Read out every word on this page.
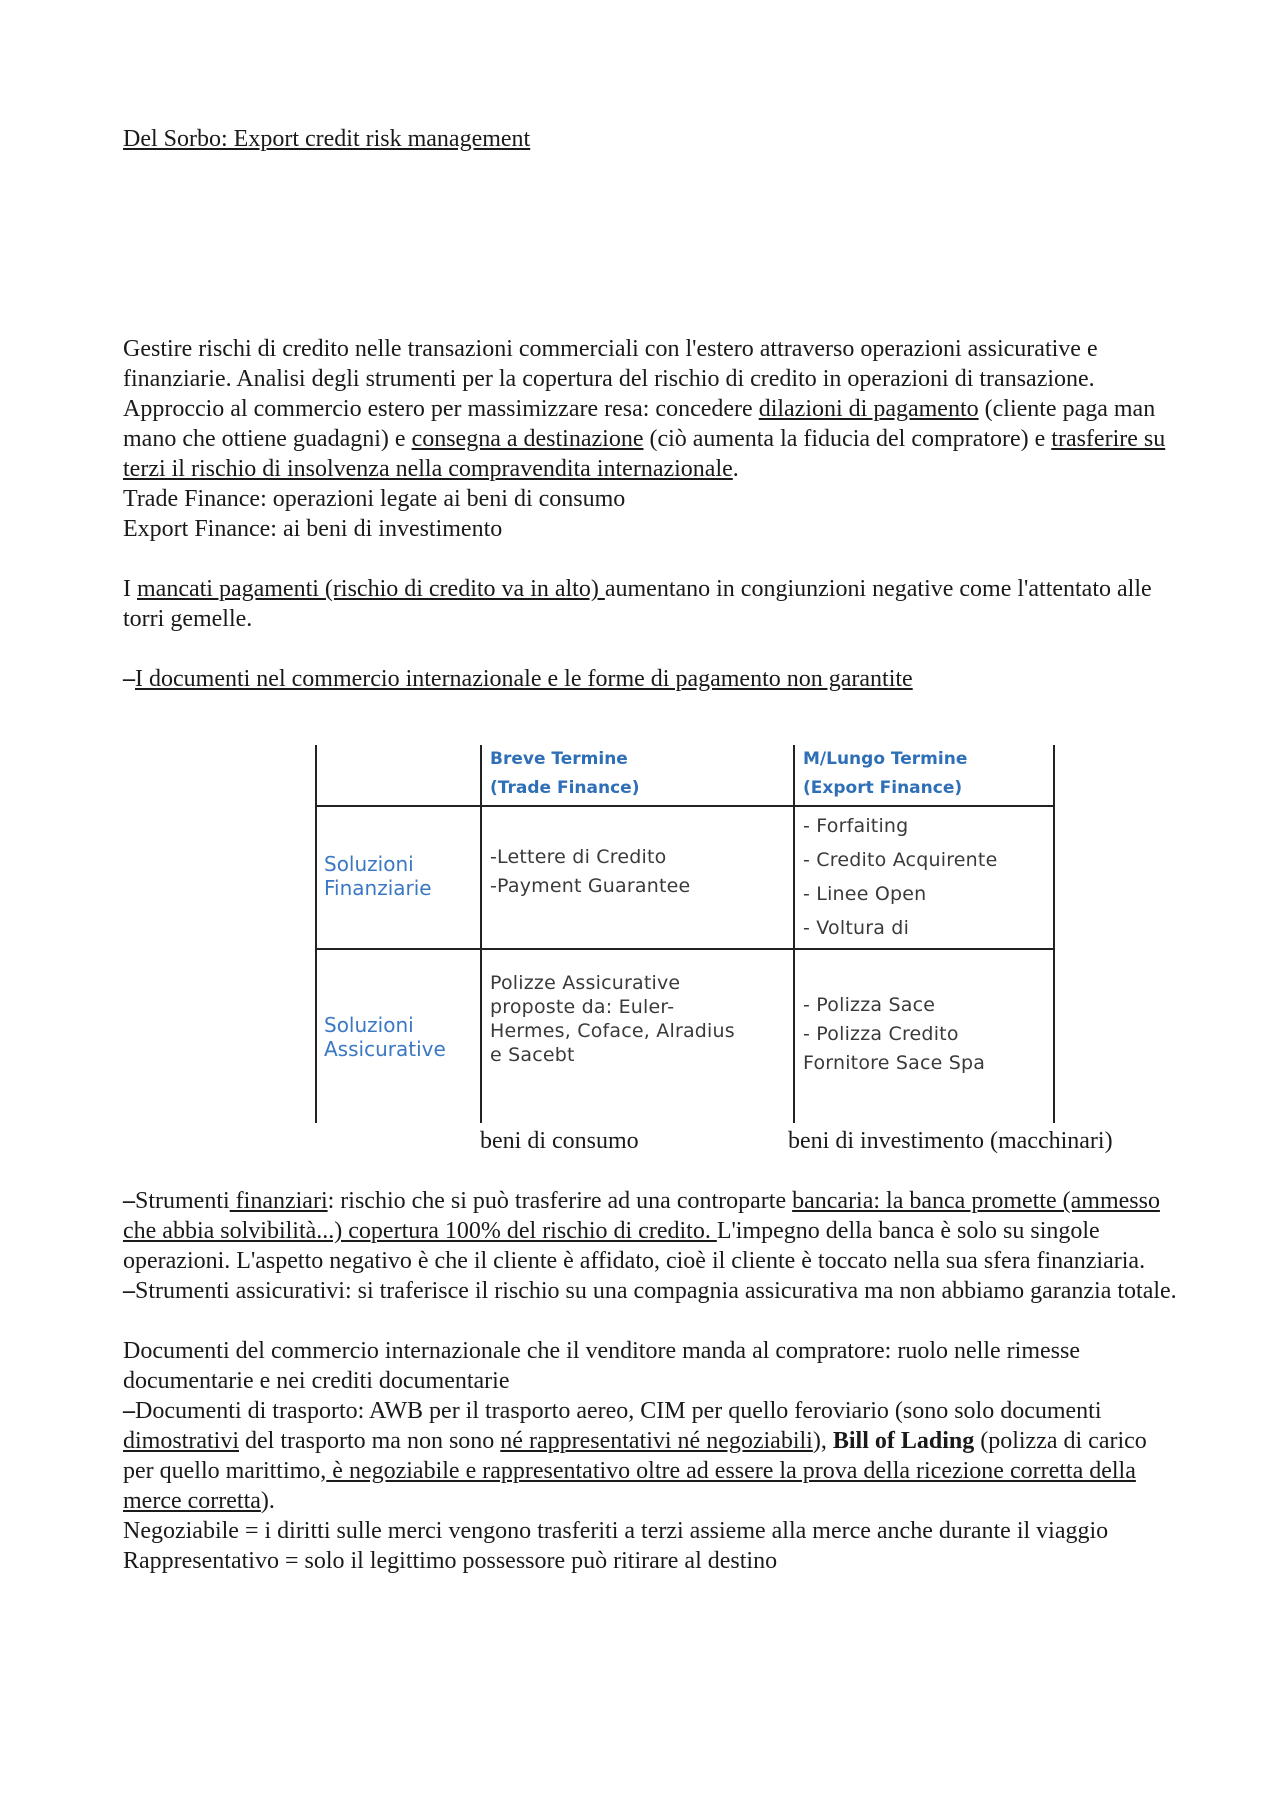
Del Sorbo: Export credit risk management

Gestire rischi di credito nelle transazioni commerciali con l'estero attraverso operazioni assicurative e finanziarie. Analisi degli strumenti per la copertura del rischio di credito in operazioni di transazione.

Approccio al commercio estero per massimizzare resa: concedere dilazioni di pagamento (cliente paga man mano che ottiene guadagni) e consegna a destinazione (ciò aumenta la fiducia del compratore) e trasferire su terzi il rischio di insolvenza nella compravendita internazionale.

Trade Finance: operazioni legate ai beni di consumo

Export Finance: ai beni di investimento

I mancati pagamenti (rischio di credito va in alto) aumentano in congiunzioni negative come l'attentato alle torri gemelle.

–I documenti nel commercio internazionale e le forme di pagamento non garantite

Breve Termine
(Trade Finance)
M/Lungo Termine
(Export Finance)
Soluzioni
Finanziarie
-Lettere di Credito
-Payment Guarantee
- Forfaiting
- Credito Acquirente
- Linee Open
- Voltura di
Soluzioni
Assicurative
Polizze Assicurative
proposte da: Euler-
Hermes, Coface, Alradius
e Sacebt
- Polizza Sace
- Polizza Credito
Fornitore Sace Spa
beni di consumo	beni di investimento (macchinari)

–Strumenti finanziari: rischio che si può trasferire ad una controparte bancaria: la banca promette (ammesso che abbia solvibilità...) copertura 100% del rischio di credito. L'impegno della banca è solo su singole operazioni. L'aspetto negativo è che il cliente è affidato, cioè il cliente è toccato nella sua sfera finanziaria.

–Strumenti assicurativi: si traferisce il rischio su una compagnia assicurativa ma non abbiamo garanzia totale.

Documenti del commercio internazionale che il venditore manda al compratore: ruolo nelle rimesse documentarie e nei crediti documentarie

–Documenti di trasporto: AWB per il trasporto aereo, CIM per quello feroviario (sono solo documenti dimostrativi del trasporto ma non sono né rappresentativi né negoziabili), Bill of Lading (polizza di carico per quello marittimo, è negoziabile e rappresentativo oltre ad essere la prova della ricezione corretta della merce corretta).

Negoziabile = i diritti sulle merci vengono trasferiti a terzi assieme alla merce anche durante il viaggio

Rappresentativo = solo il legittimo possessore può ritirare al destino
